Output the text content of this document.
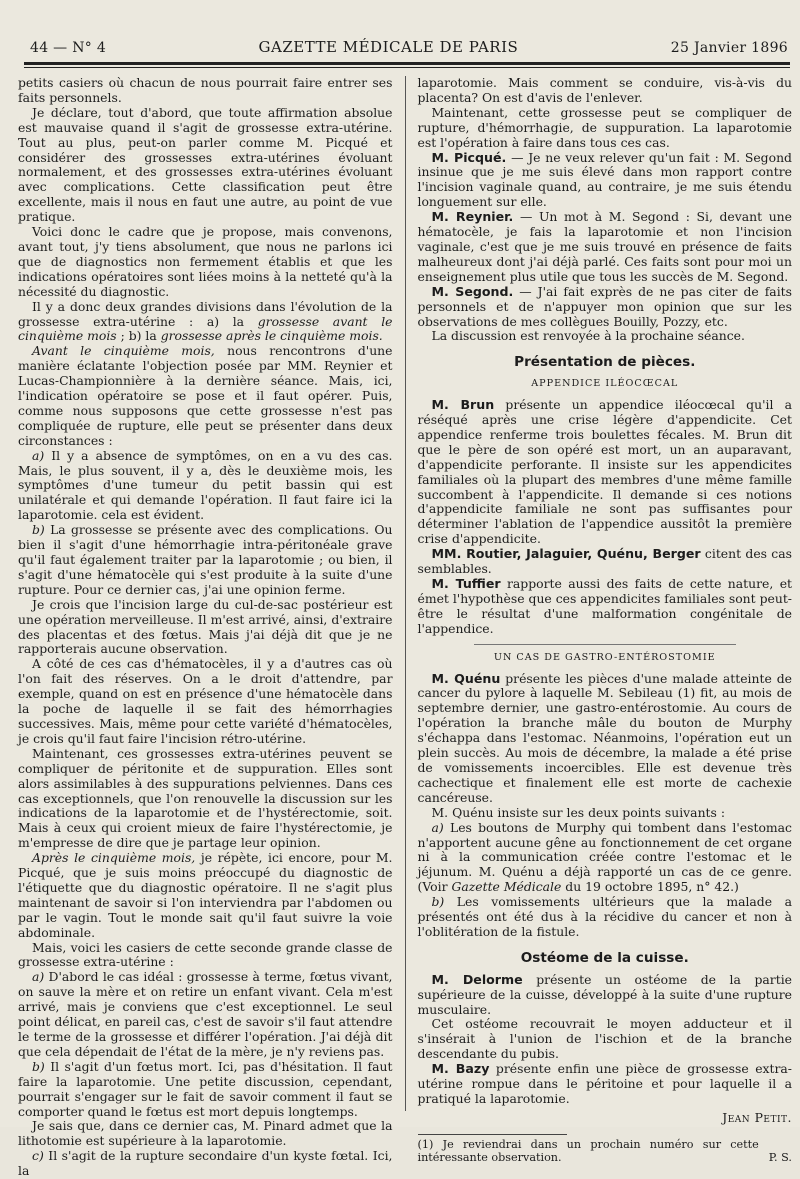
44 — N° 4	GAZETTE MÉDICALE DE PARIS	25 Janvier 1896

petits casiers où chacun de nous pourrait faire entrer ses faits personnels.

Je déclare, tout d'abord, que toute affirmation absolue est mauvaise quand il s'agit de grossesse extra-utérine. Tout au plus, peut-on parler comme M. Picqué et considérer des grossesses extra-utérines évoluant normalement, et des grossesses extra-utérines évoluant avec complications. Cette classification peut être excellente, mais il nous en faut une autre, au point de vue pratique.

Voici donc le cadre que je propose, mais convenons, avant tout, j'y tiens absolument, que nous ne parlons ici que de diagnostics non fermement établis et que les indications opératoires sont liées moins à la netteté qu'à la nécessité du diagnostic.

Il y a donc deux grandes divisions dans l'évolution de la grossesse extra-utérine : a) la grossesse avant le cinquième mois ; b) la grossesse après le cinquième mois.

Avant le cinquième mois, nous rencontrons d'une manière éclatante l'objection posée par MM. Reynier et Lucas-Championnière à la dernière séance. Mais, ici, l'indication opératoire se pose et il faut opérer. Puis, comme nous supposons que cette grossesse n'est pas compliquée de rupture, elle peut se présenter dans deux circonstances :

a) Il y a absence de symptômes, on en a vu des cas. Mais, le plus souvent, il y a, dès le deuxième mois, les symptômes d'une tumeur du petit bassin qui est unilatérale et qui demande l'opération. Il faut faire ici la laparotomie. cela est évident.

b) La grossesse se présente avec des complications. Ou bien il s'agit d'une hémorrhagie intra-péritonéale grave qu'il faut également traiter par la laparotomie ; ou bien, il s'agit d'une hématocèle qui s'est produite à la suite d'une rupture. Pour ce dernier cas, j'ai une opinion ferme.

Je crois que l'incision large du cul-de-sac postérieur est une opération merveilleuse. Il m'est arrivé, ainsi, d'extraire des placentas et des fœtus. Mais j'ai déjà dit que je ne rapporterais aucune observation.

A côté de ces cas d'hématocèles, il y a d'autres cas où l'on fait des réserves. On a le droit d'attendre, par exemple, quand on est en présence d'une hématocèle dans la poche de laquelle il se fait des hémorrhagies successives. Mais, même pour cette variété d'hématocèles, je crois qu'il faut faire l'incision rétro-utérine.

Maintenant, ces grossesses extra-utérines peuvent se compliquer de péritonite et de suppuration. Elles sont alors assimilables à des suppurations pelviennes. Dans ces cas exceptionnels, que l'on renouvelle la discussion sur les indications de la laparotomie et de l'hystérectomie, soit. Mais à ceux qui croient mieux de faire l'hystérectomie, je m'empresse de dire que je partage leur opinion.

Après le cinquième mois, je répète, ici encore, pour M. Picqué, que je suis moins préoccupé du diagnostic de l'étiquette que du diagnostic opératoire. Il ne s'agit plus maintenant de savoir si l'on interviendra par l'abdomen ou par le vagin. Tout le monde sait qu'il faut suivre la voie abdominale.

Mais, voici les casiers de cette seconde grande classe de grossesse extra-utérine :

a) D'abord le cas idéal : grossesse à terme, fœtus vivant, on sauve la mère et on retire un enfant vivant. Cela m'est arrivé, mais je conviens que c'est exceptionnel. Le seul point délicat, en pareil cas, c'est de savoir s'il faut attendre le terme de la grossesse et différer l'opération. J'ai déjà dit que cela dépendait de l'état de la mère, je n'y reviens pas.

b) Il s'agit d'un fœtus mort. Ici, pas d'hésitation. Il faut faire la laparotomie. Une petite discussion, cependant, pourrait s'engager sur le fait de savoir comment il faut se comporter quand le fœtus est mort depuis longtemps.

Je sais que, dans ce dernier cas, M. Pinard admet que la lithotomie est supérieure à la laparotomie.

c) Il s'agit de la rupture secondaire d'un kyste fœtal. Ici, la

laparotomie. Mais comment se conduire, vis-à-vis du placenta? On est d'avis de l'enlever.

Maintenant, cette grossesse peut se compliquer de rupture, d'hémorrhagie, de suppuration. La laparotomie est l'opération à faire dans tous ces cas.

M. Picqué. — Je ne veux relever qu'un fait : M. Segond insinue que je me suis élevé dans mon rapport contre l'incision vaginale quand, au contraire, je me suis étendu longuement sur elle.

M. Reynier. — Un mot à M. Segond : Si, devant une hématocèle, je fais la laparotomie et non l'incision vaginale, c'est que je me suis trouvé en présence de faits malheureux dont j'ai déjà parlé. Ces faits sont pour moi un enseignement plus utile que tous les succès de M. Segond.

M. Segond. — J'ai fait exprès de ne pas citer de faits personnels et de n'appuyer mon opinion que sur les observations de mes collègues Bouilly, Pozzy, etc.

La discussion est renvoyée à la prochaine séance.

Présentation de pièces.
APPENDICE ILÉOCŒCAL

M. Brun présente un appendice iléocœcal qu'il a réséqué après une crise légère d'appendicite. Cet appendice renferme trois boulettes fécales. M. Brun dit que le père de son opéré est mort, un an auparavant, d'appendicite perforante. Il insiste sur les appendicites familiales où la plupart des membres d'une même famille succombent à l'appendicite. Il demande si ces notions d'appendicite familiale ne sont pas suffisantes pour déterminer l'ablation de l'appendice aussitôt la première crise d'appendicite.

MM. Routier, Jalaguier, Quénu, Berger citent des cas semblables.

M. Tuffier rapporte aussi des faits de cette nature, et émet l'hypothèse que ces appendicites familiales sont peut-être le résultat d'une malformation congénitale de l'appendice.

UN CAS DE GASTRO-ENTÉROSTOMIE

M. Quénu présente les pièces d'une malade atteinte de cancer du pylore à laquelle M. Sebileau (1) fit, au mois de septembre dernier, une gastro-entérostomie. Au cours de l'opération la branche mâle du bouton de Murphy s'échappa dans l'estomac. Néanmoins, l'opération eut un plein succès. Au mois de décembre, la malade a été prise de vomissements incoercibles. Elle est devenue très cachectique et finalement elle est morte de cachexie cancéreuse.

M. Quénu insiste sur les deux points suivants :

a) Les boutons de Murphy qui tombent dans l'estomac n'apportent aucune gêne au fonctionnement de cet organe ni à la communication créée contre l'estomac et le jéjunum. M. Quénu a déjà rapporté un cas de ce genre. (Voir Gazette Médicale du 19 octobre 1895, n° 42.)

b) Les vomissements ultérieurs que la malade a présentés ont été dus à la récidive du cancer et non à l'oblitération de la fistule.

Ostéome de la cuisse.

M. Delorme présente un ostéome de la partie supérieure de la cuisse, développé à la suite d'une rupture musculaire.

Cet ostéome recouvrait le moyen adducteur et il s'insérait à l'union de l'ischion et de la branche descendante du pubis.

M. Bazy présente enfin une pièce de grossesse extra-utérine rompue dans le péritoine et pour laquelle il a pratiqué la laparotomie.

Jean Petit.
(1) Je reviendrai dans un prochain numéro sur cette intéressante observation.	P. S.
